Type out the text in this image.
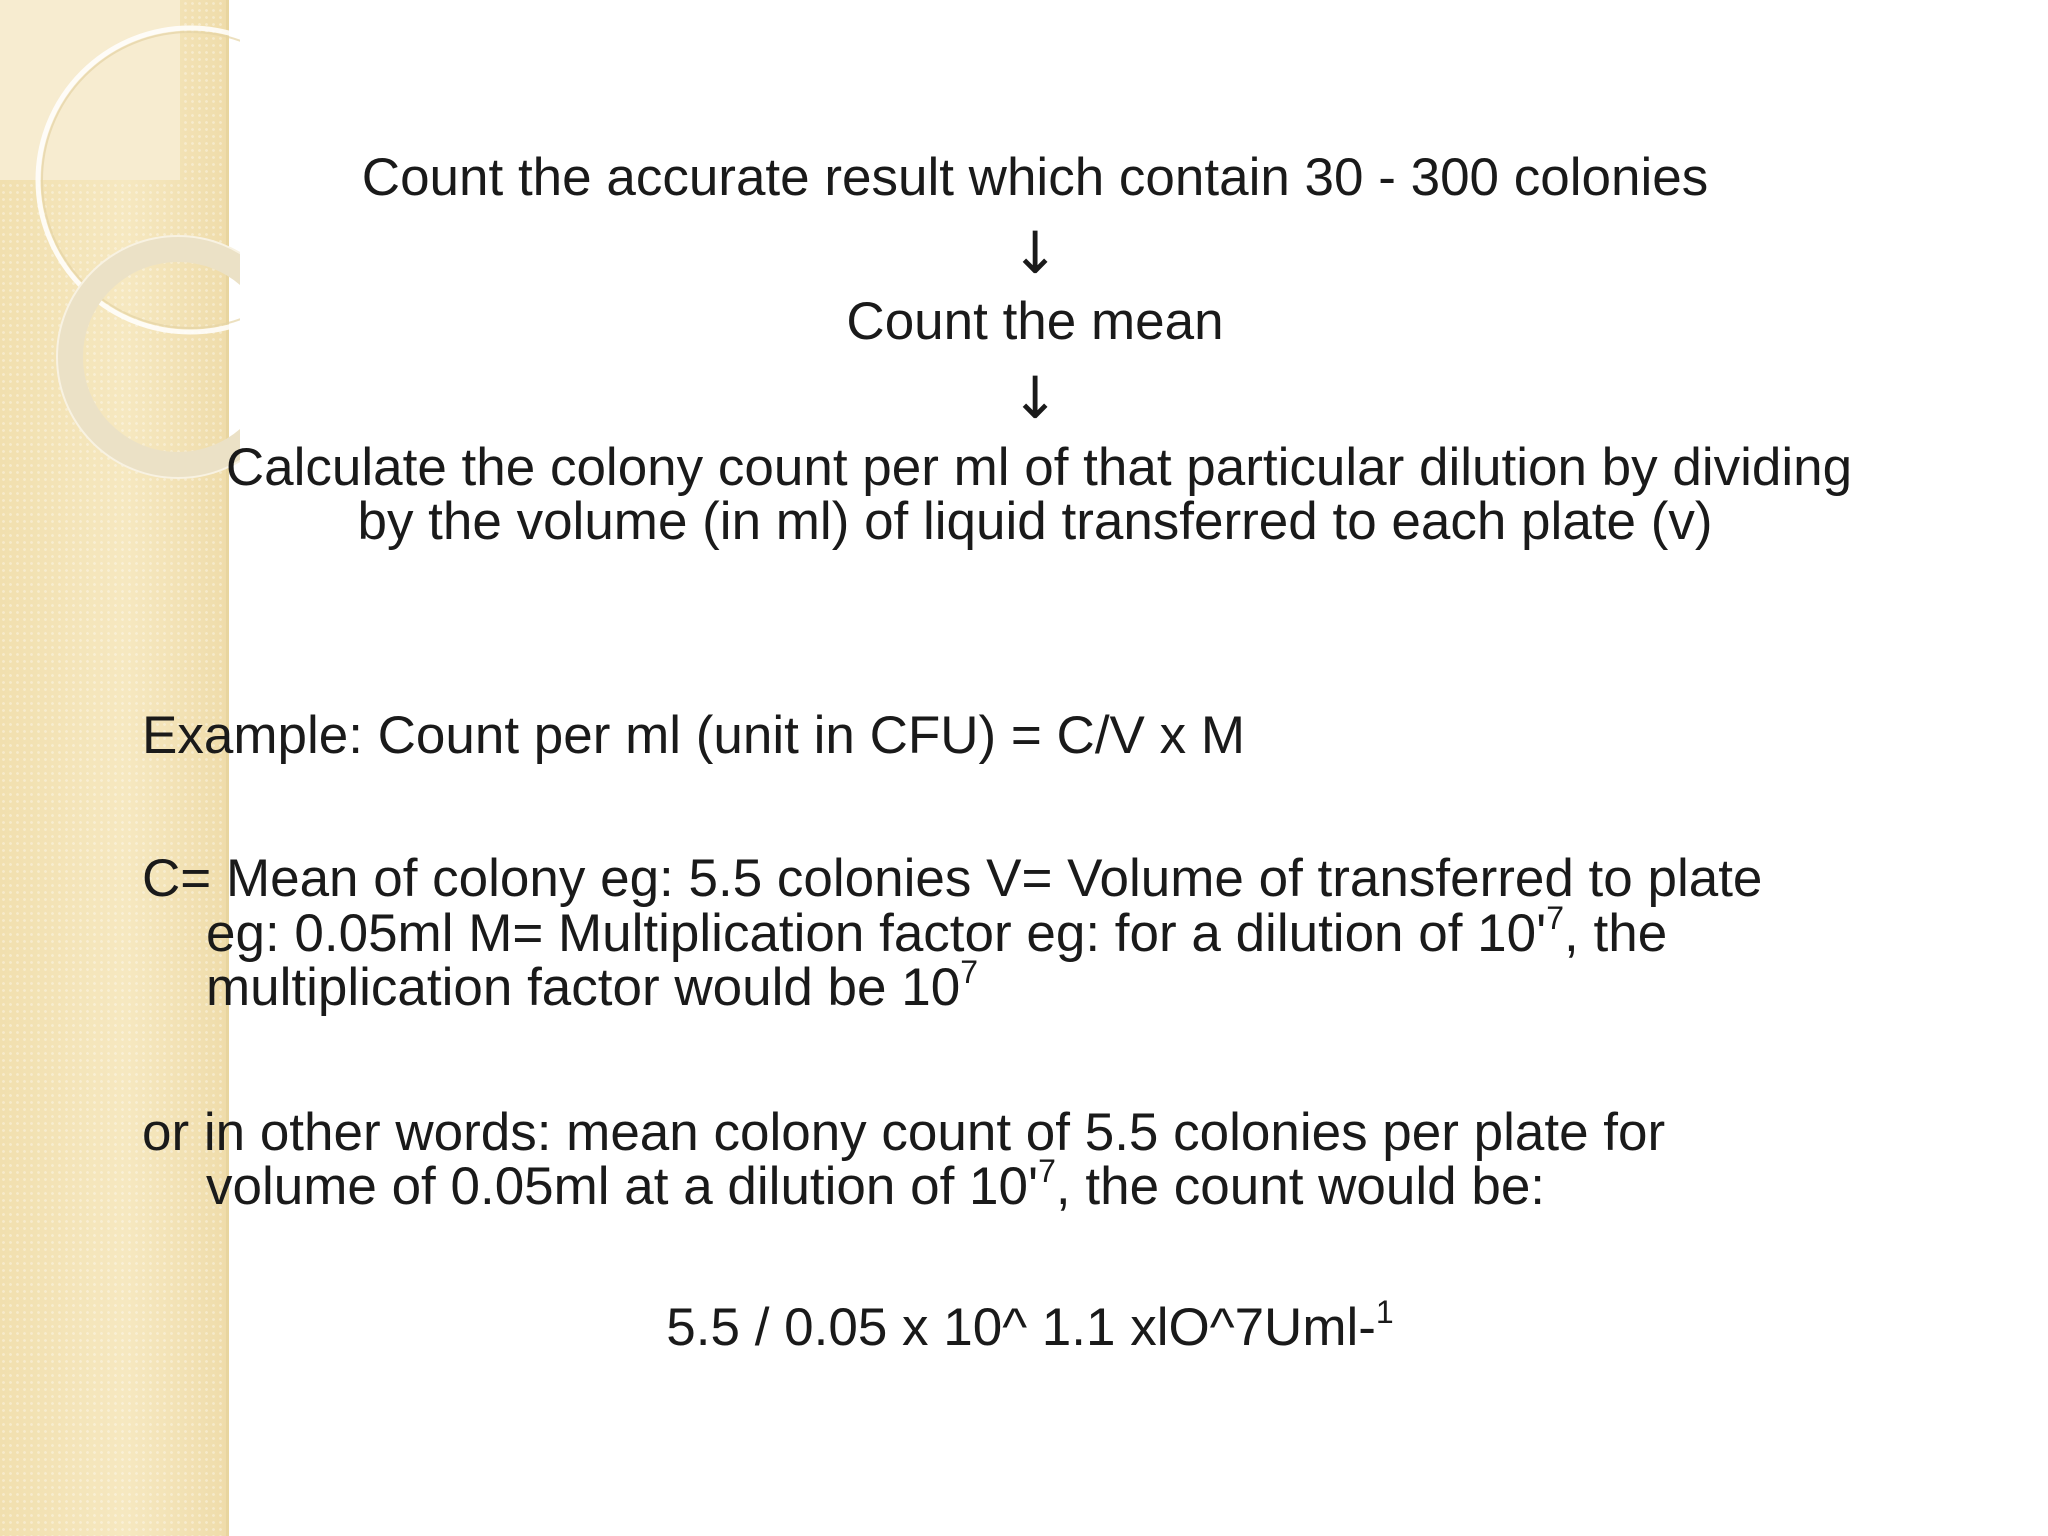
Count the accurate result which contain 30 - 300 colonies
↓
Count the mean
↓
Calculate the colony count per ml of that particular dilution by dividing
by the volume (in ml) of liquid transferred to each plate (v)
Example: Count per ml (unit in CFU) = C/V x M
C= Mean of colony eg: 5.5 colonies V= Volume of transferred to plate
eg: 0.05ml M= Multiplication factor eg: for a dilution of $10'^7$, the
multiplication factor would be $10^7$
or in other words: mean colony count of 5.5 colonies per plate for
volume of 0.05ml at a dilution of $10'^7$, the count would be:
5.5 / 0.05 x 10^ 1.1 xlO^7Uml-$^1$
